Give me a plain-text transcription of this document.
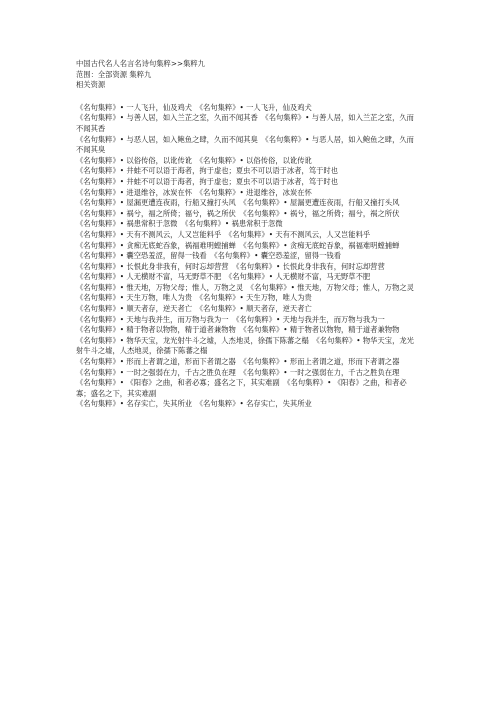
中国古代名人名言名诗句集粹>>集粹九
范围：全部资源 集粹九
相关资源

《名句集粹》• 一人飞升，仙及鸡犬　《名句集粹》• 一人飞升，仙及鸡犬

《名句集粹》• 与善人居，如入兰芷之室，久而不闻其香　《名句集粹》• 与善人居，如入兰芷之室，久而不闻其香

《名句集粹》• 与恶人居，如入鲍鱼之肆，久而不闻其臭　《名句集粹》• 与恶人居，如入鲍鱼之肆，久而不闻其臭

《名句集粹》• 以俗传俗，以讹传讹　《名句集粹》• 以俗传俗，以讹传讹

《名句集粹》• 井蛙不可以语于海者，拘于虚也；夏虫不可以语于冰者，笃于时也

《名句集粹》• 井蛙不可以语于海者，拘于虚也；夏虫不可以语于冰者，笃于时也

《名句集粹》• 进退维谷，冰炭在怀　《名句集粹》• 进退维谷，冰炭在怀

《名句集粹》• 屋漏更遭连夜雨，行船又撞打头风　《名句集粹》• 屋漏更遭连夜雨，行船又撞打头风

《名句集粹》• 祸兮，福之所倚；福兮，祸之所伏　《名句集粹》• 祸兮，福之所倚；福兮，祸之所伏

《名句集粹》• 祸患常积于忽微　《名句集粹》• 祸患常积于忽微

《名句集粹》• 天有不测风云，人又岂能料乎　《名句集粹》• 天有不测风云，人又岂能料乎

《名句集粹》• 贪痴无底蛇吞象，祸福难明螳捕蝉　《名句集粹》• 贪痴无底蛇吞象，祸福难明螳捕蝉

《名句集粹》• 囊空恐羞涩，留得一钱看　《名句集粹》• 囊空恐羞涩，留得一钱看

《名句集粹》• 长恨此身非我有，何时忘却营营　《名句集粹》• 长恨此身非我有，何时忘却营营

《名句集粹》• 人无横财不富，马无野草不肥　《名句集粹》• 人无横财不富，马无野草不肥

《名句集粹》• 惟天地，万物父母；惟人，万物之灵　《名句集粹》• 惟天地，万物父母；惟人，万物之灵

《名句集粹》• 天生万物，唯人为贵　《名句集粹》• 天生万物，唯人为贵

《名句集粹》• 顺天者存，逆天者亡　《名句集粹》• 顺天者存，逆天者亡

《名句集粹》• 天地与我并生，而万物与我为一　《名句集粹》• 天地与我并生，而万物与我为一

《名句集粹》• 精于物者以物物，精于道者兼物物　《名句集粹》• 精于物者以物物，精于道者兼物物

《名句集粹》• 物华天宝，龙光射牛斗之墟，人杰地灵，徐孺下陈蕃之榻　《名句集粹》• 物华天宝，龙光射牛斗之墟，人杰地灵，徐孺下陈蕃之榻

《名句集粹》• 形而上者谓之道，形而下者谓之器　《名句集粹》• 形而上者谓之道，形而下者谓之器

《名句集粹》• 一时之强弱在力，千古之胜负在理　《名句集粹》• 一时之强弱在力，千古之胜负在理

《名句集粹》• 《阳春》之曲，和者必寡；盛名之下，其实难副　《名句集粹》• 《阳春》之曲，和者必寡；盛名之下，其实难副

《名句集粹》• 名存实亡，失其所业　《名句集粹》• 名存实亡，失其所业
